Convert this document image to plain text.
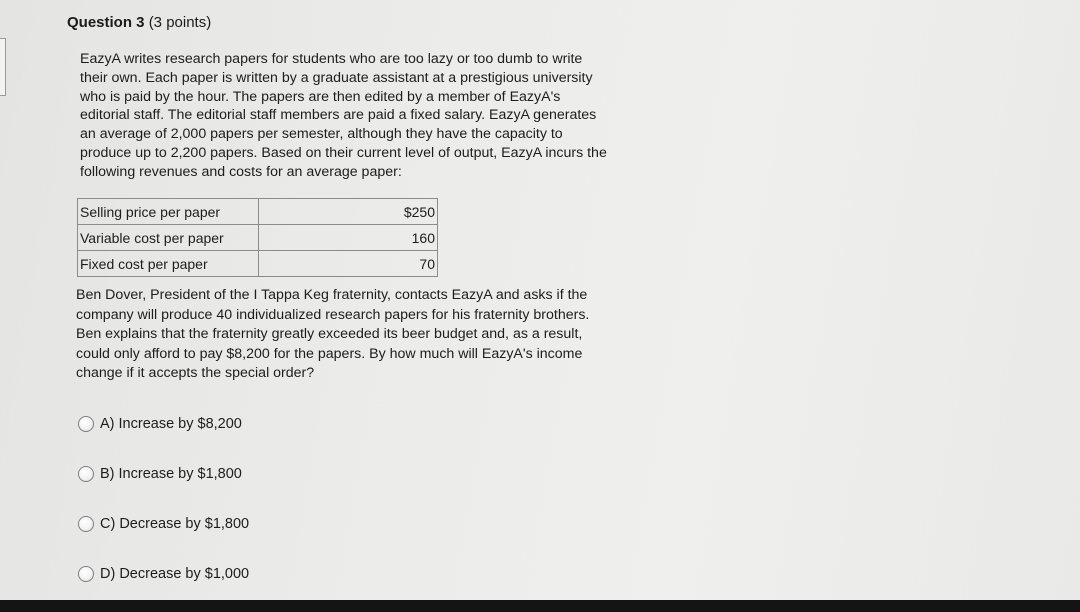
Question 3 (3 points)
EazyA writes research papers for students who are too lazy or too dumb to write
their own. Each paper is written by a graduate assistant at a prestigious university
who is paid by the hour. The papers are then edited by a member of EazyA's
editorial staff. The editorial staff members are paid a fixed salary. EazyA generates
an average of 2,000 papers per semester, although they have the capacity to
produce up to 2,200 papers. Based on their current level of output, EazyA incurs the
following revenues and costs for an average paper:
Selling price per paper	$250
Variable cost per paper	160
Fixed cost per paper	70
Ben Dover, President of the I Tappa Keg fraternity, contacts EazyA and asks if the
company will produce 40 individualized research papers for his fraternity brothers.
Ben explains that the fraternity greatly exceeded its beer budget and, as a result,
could only afford to pay $8,200 for the papers. By how much will EazyA's income
change if it accepts the special order?
A) Increase by $8,200
B) Increase by $1,800
C) Decrease by $1,800
D) Decrease by $1,000
